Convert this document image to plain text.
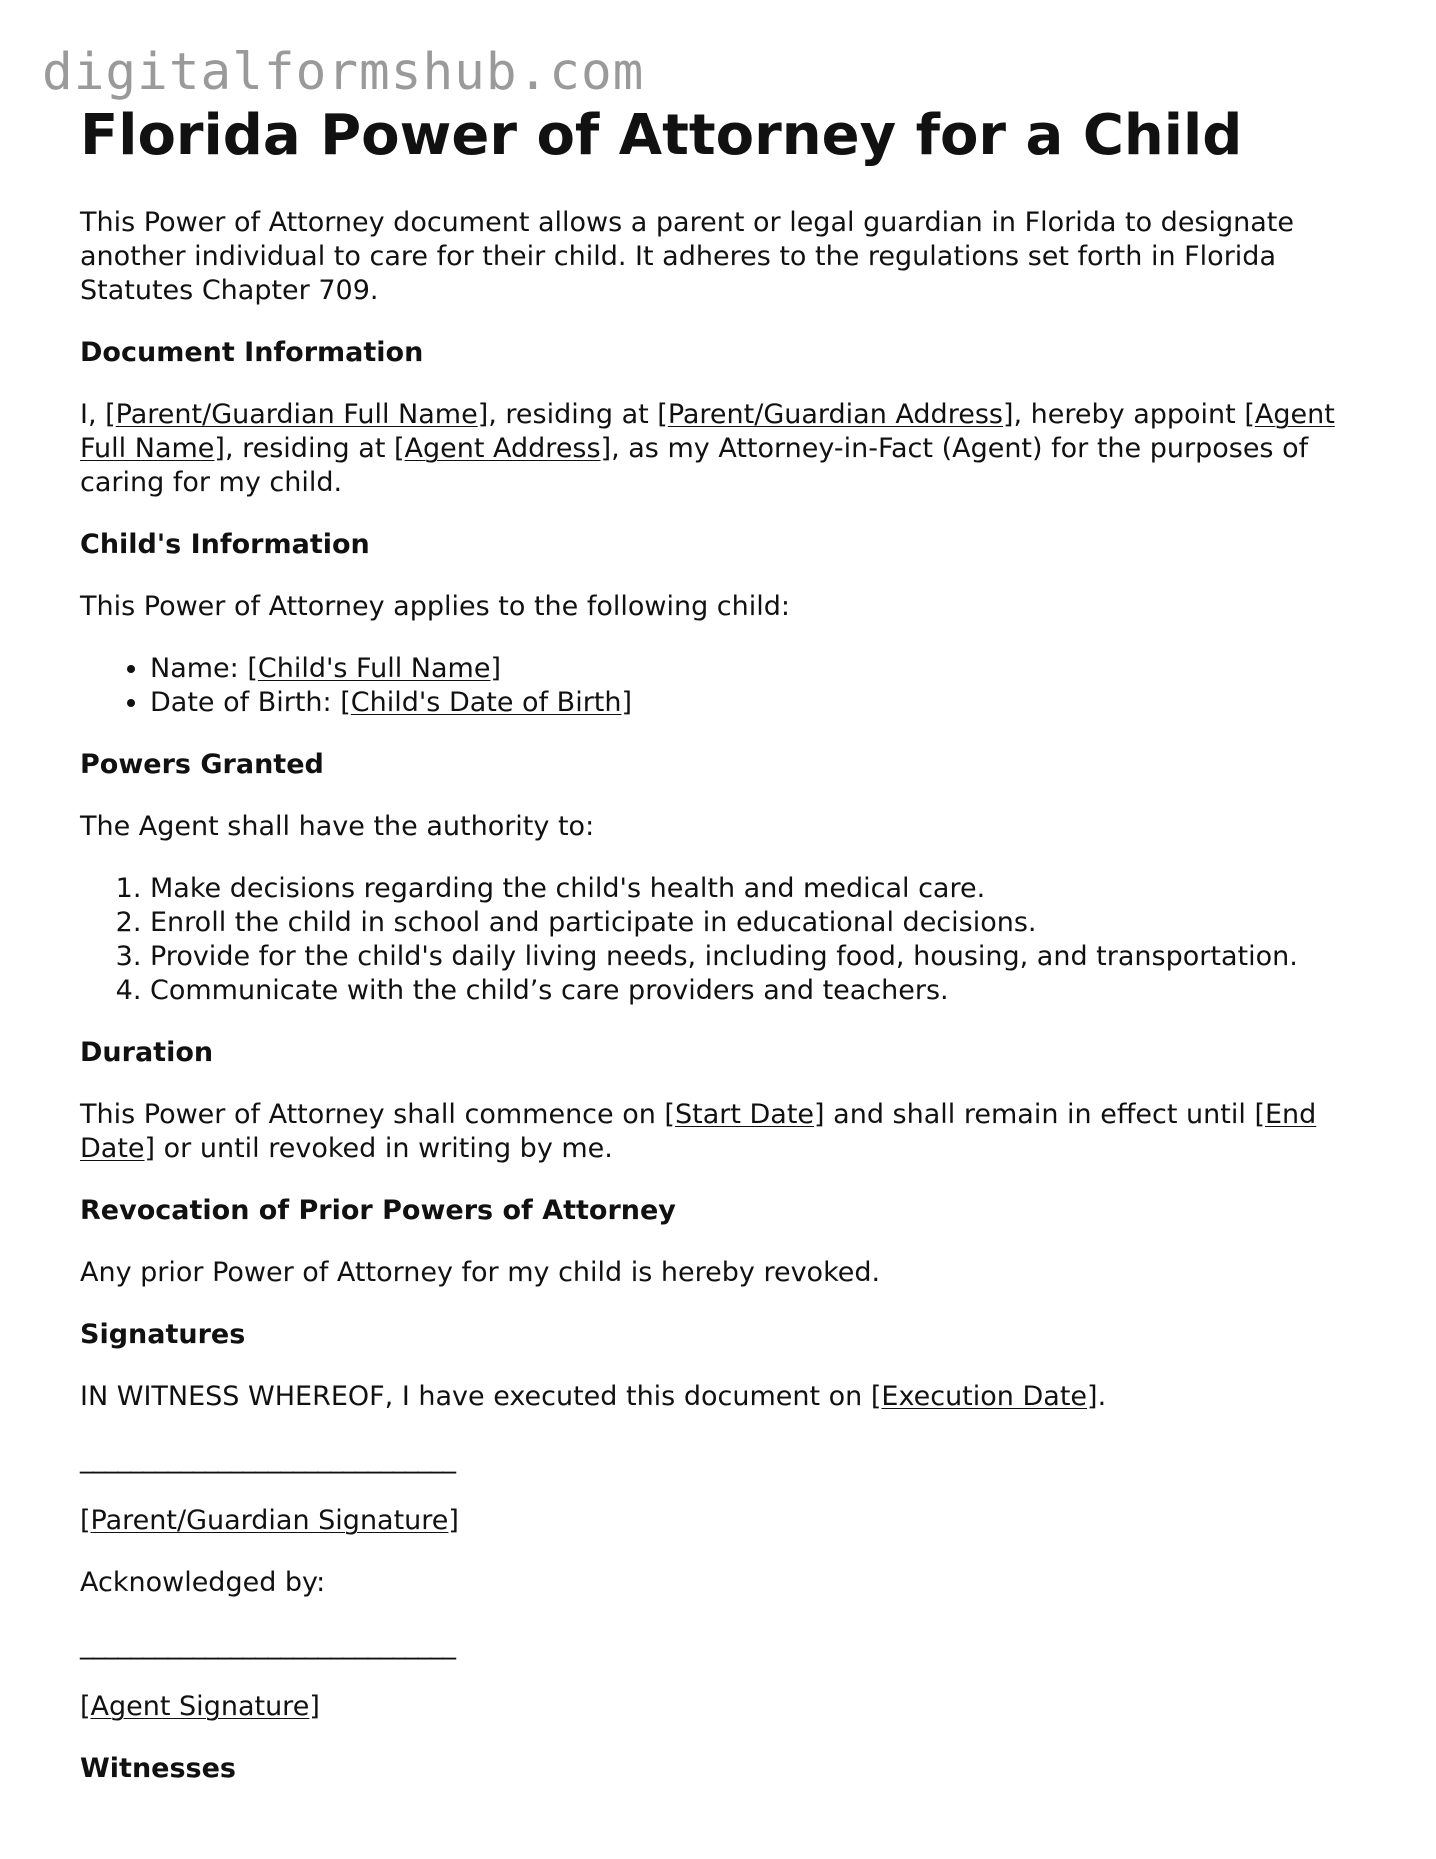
digitalformshub.com
Florida Power of Attorney for a Child

This Power of Attorney document allows a parent or legal guardian in Florida to designate another individual to care for their child. It adheres to the regulations set forth in Florida Statutes Chapter 709.

Document Information

I, [Parent/Guardian Full Name], residing at [Parent/Guardian Address], hereby appoint [Agent Full Name], residing at [Agent Address], as my Attorney-in-Fact (Agent) for the purposes of caring for my child.

Child's Information

This Power of Attorney applies to the following child:

• Name: [Child's Full Name]
• Date of Birth: [Child's Date of Birth]
Powers Granted

The Agent shall have the authority to:

1. Make decisions regarding the child's health and medical care.
2. Enroll the child in school and participate in educational decisions.
3. Provide for the child's daily living needs, including food, housing, and transportation.
4. Communicate with the child’s care providers and teachers.
Duration

This Power of Attorney shall commence on [Start Date] and shall remain in effect until [End Date] or until revoked in writing by me.

Revocation of Prior Powers of Attorney

Any prior Power of Attorney for my child is hereby revoked.

Signatures

IN WITNESS WHEREOF, I have executed this document on [Execution Date].

______________________________

[Parent/Guardian Signature]

Acknowledged by:

______________________________

[Agent Signature]

Witnesses
